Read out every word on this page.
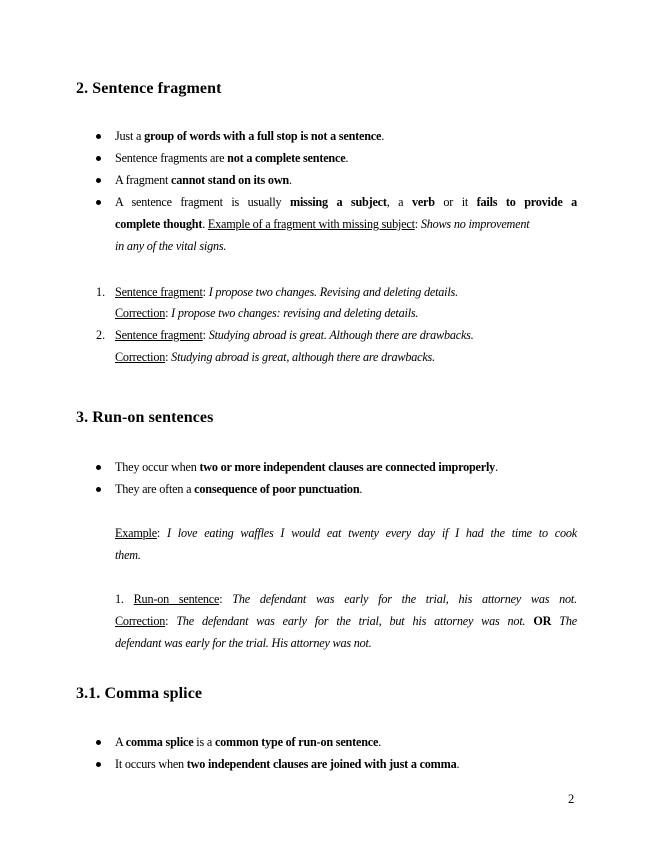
2. Sentence fragment
Just a group of words with a full stop is not a sentence.
Sentence fragments are not a complete sentence.
A fragment cannot stand on its own.
A sentence fragment is usually missing a subject, a verb or it fails to provide a
complete thought. Example of a fragment with missing subject: Shows no improvement
in any of the vital signs.
1. Sentence fragment: I propose two changes. Revising and deleting details.
Correction: I propose two changes: revising and deleting details.
2. Sentence fragment: Studying abroad is great. Although there are drawbacks.
Correction: Studying abroad is great, although there are drawbacks.
3. Run-on sentences
They occur when two or more independent clauses are connected improperly.
They are often a consequence of poor punctuation.
Example: I love eating waffles I would eat twenty every day if I had the time to cook
them.
1. Run-on sentence: The defendant was early for the trial, his attorney was not.
Correction: The defendant was early for the trial, but his attorney was not. OR The
defendant was early for the trial. His attorney was not.
3.1. Comma splice
A comma splice is a common type of run-on sentence.
It occurs when two independent clauses are joined with just a comma.
2
